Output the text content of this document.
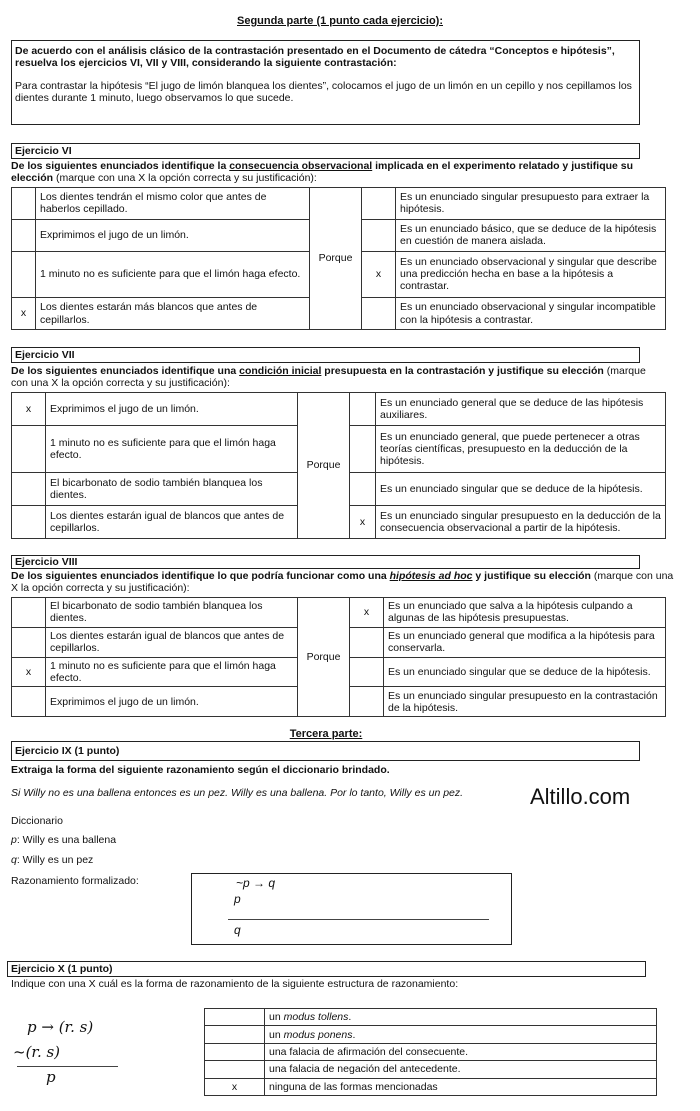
Segunda parte (1 punto cada ejercicio):
De acuerdo con el análisis clásico de la contrastación presentado en el Documento de cátedra “Conceptos e hipótesis”, resuelva los ejercicios VI, VII y VIII, considerando la siguiente contrastación:
Para contrastar la hipótesis “El jugo de limón blanquea los dientes”, colocamos el jugo de un limón en un cepillo y nos cepillamos los dientes durante 1 minuto, luego observamos lo que sucede.
Ejercicio VI
De los siguientes enunciados identifique la consecuencia observacional implicada en el experimento relatado y justifique su elección (marque con una X la opción correcta y su justificación):
	Los dientes tendrán el mismo color que antes de haberlos cepillado.	Porque		Es un enunciado singular presupuesto para extraer la hipótesis.
	Exprimimos el jugo de un limón.			Es un enunciado básico, que se deduce de la hipótesis en cuestión de manera aislada.
	1 minuto no es suficiente para que el limón haga efecto.		x	Es un enunciado observacional y singular que describe una predicción hecha en base a la hipótesis a contrastar.
x	Los dientes estarán más blancos que antes de cepillarlos.			Es un enunciado observacional y singular incompatible con la hipótesis a contrastar.
Ejercicio VII
De los siguientes enunciados identifique una condición inicial presupuesta en la contrastación y justifique su elección (marque con una X la opción correcta y su justificación):
x	Exprimimos el jugo de un limón.	Porque		Es un enunciado general que se deduce de las hipótesis auxiliares.
	1 minuto no es suficiente para que el limón haga efecto.			Es un enunciado general, que puede pertenecer a otras teorías científicas, presupuesto en la deducción de la hipótesis.
	El bicarbonato de sodio también blanquea los dientes.			Es un enunciado singular que se deduce de la hipótesis.
	Los dientes estarán igual de blancos que antes de cepillarlos.		x	Es un enunciado singular presupuesto en la deducción de la consecuencia observacional a partir de la hipótesis.
Ejercicio VIII
De los siguientes enunciados identifique lo que podría funcionar como una hipótesis ad hoc y justifique su elección (marque con una X la opción correcta y su justificación):
	El bicarbonato de sodio también blanquea los dientes.	Porque	x	Es un enunciado que salva a la hipótesis culpando a algunas de las hipótesis presupuestas.
	Los dientes estarán igual de blancos que antes de cepillarlos.			Es un enunciado general que modifica a la hipótesis para conservarla.
x	1 minuto no es suficiente para que el limón haga efecto.			Es un enunciado singular que se deduce de la hipótesis.
	Exprimimos el jugo de un limón.			Es un enunciado singular presupuesto en la contrastación de la hipótesis.
Tercera parte:
Ejercicio IX (1 punto)
Extraiga la forma del siguiente razonamiento según el diccionario brindado.
Si Willy no es una ballena entonces es un pez. Willy es una ballena. Por lo tanto, Willy es un pez.	Altillo.com
Diccionario
p: Willy es una ballena
q: Willy es un pez
Razonamiento formalizado:	~p → q
p
q
Ejercicio X (1 punto)
Indique con una X cuál es la forma de razonamiento de la siguiente estructura de razonamiento:
p → (r. s)
~(r. s)
p
	un modus tollens.
	un modus ponens.
	una falacia de afirmación del consecuente.
	una falacia de negación del antecedente.
x	ninguna de las formas mencionadas
